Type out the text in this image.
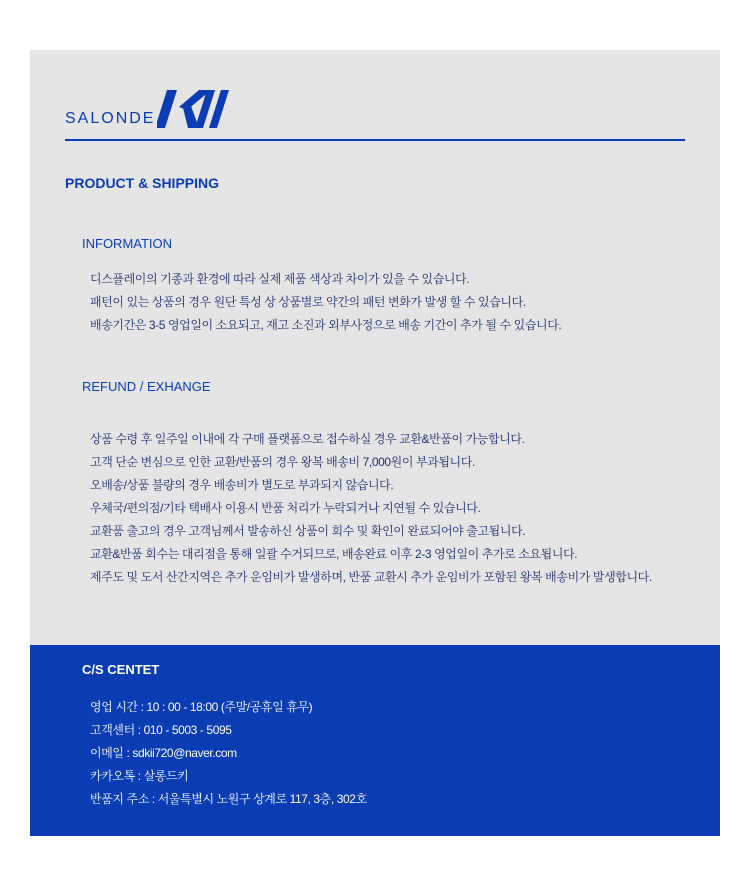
SALONDE
PRODUCT & SHIPPING
INFORMATION
디스플레이의 기종과 환경에 따라 실제 제품 색상과 차이가 있을 수 있습니다.
패턴이 있는 상품의 경우 원단 특성 상 상품별로 약간의 패턴 변화가 발생 할 수 있습니다.
배송기간은 3-5 영업일이 소요되고, 재고 소진과 외부사정으로 배송 기간이 추가 될 수 있습니다.
REFUND / EXHANGE
상품 수령 후 일주일 이내에 각 구매 플랫폼으로 접수하실 경우 교환&반품이 가능합니다.
고객 단순 변심으로 인한 교환/반품의 경우 왕복 배송비 7,000원이 부과됩니다.
오배송/상품 불량의 경우 배송비가 별도로 부과되지 않습니다.
우체국/편의점/기타 택배사 이용시 반품 처리가 누락되거나 지연될 수 있습니다.
교환품 출고의 경우 고객님께서 발송하신 상품이 회수 및 확인이 완료되어야 출고됩니다.
교환&반품 회수는 대리점을 통해 일괄 수거되므로, 배송완료 이후 2-3 영업일이 추가로 소요됩니다.
제주도 및 도서 산간지역은 추가 운임비가 발생하며, 반품 교환시 추가 운임비가 포함된 왕복 배송비가 발생합니다.
C/S CENTET
영업 시간 : 10 : 00 - 18:00 (주말/공휴일 휴무)
고객센터 : 010 - 5003 - 5095
이메일 : sdkii720@naver.com
카카오톡 : 살롱드키
반품지 주소 : 서울특별시 노원구 상계로 117, 3층, 302호
